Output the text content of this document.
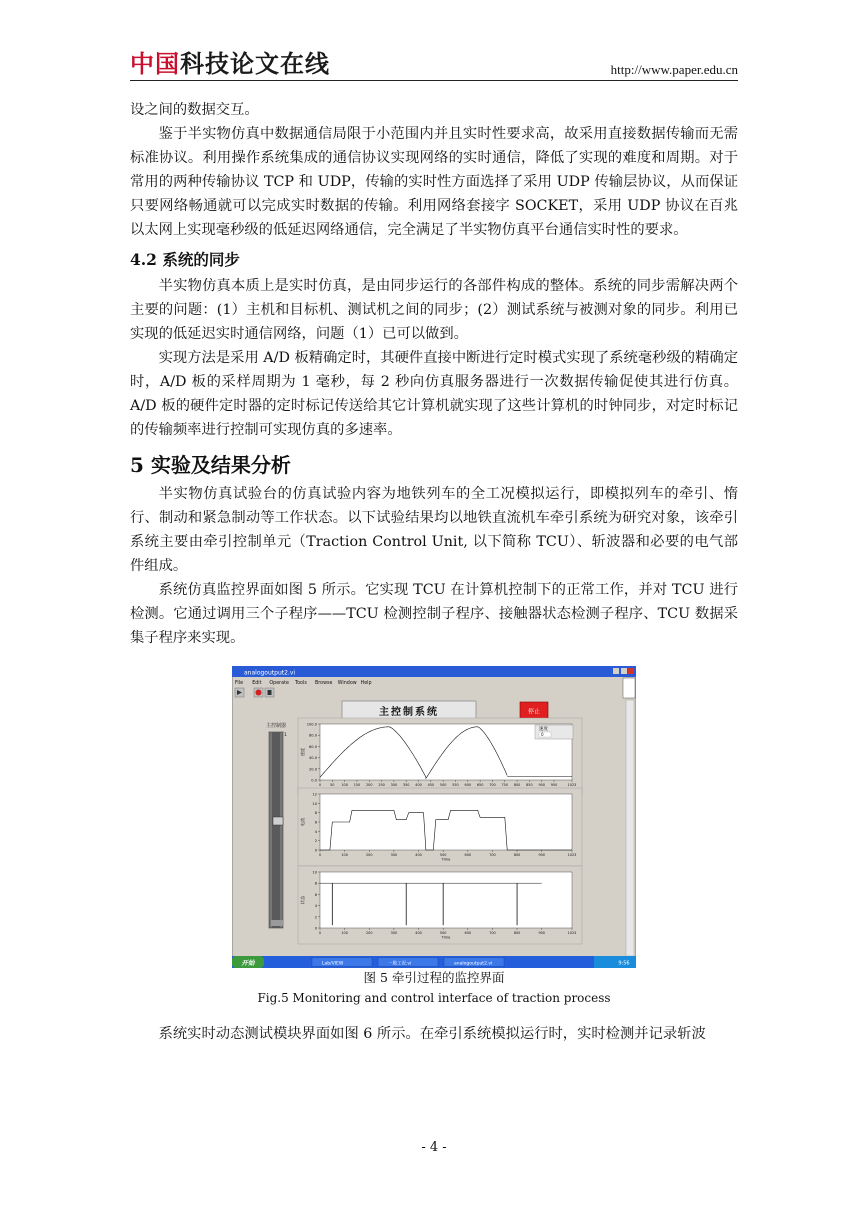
中国科技论文在线	http://www.paper.edu.cn

设之间的数据交互。

鉴于半实物仿真中数据通信局限于小范围内并且实时性要求高，故采用直接数据传输而无需标准协议。利用操作系统集成的通信协议实现网络的实时通信，降低了实现的难度和周期。对于常用的两种传输协议 TCP 和 UDP，传输的实时性方面选择了采用 UDP 传输层协议，从而保证只要网络畅通就可以完成实时数据的传输。利用网络套接字 SOCKET，采用 UDP 协议在百兆以太网上实现毫秒级的低延迟网络通信，完全满足了半实物仿真平台通信实时性的要求。

4.2 系统的同步

半实物仿真本质上是实时仿真，是由同步运行的各部件构成的整体。系统的同步需解决两个主要的问题：(1）主机和目标机、测试机之间的同步；(2）测试系统与被测对象的同步。利用已实现的低延迟实时通信网络，问题（1）已可以做到。

实现方法是采用 A/D 板精确定时，其硬件直接中断进行定时模式实现了系统毫秒级的精确定时，A/D 板的采样周期为 1 毫秒，每 2 秒向仿真服务器进行一次数据传输促使其进行仿真。A/D 板的硬件定时器的定时标记传送给其它计算机就实现了这些计算机的时钟同步，对定时标记的传输频率进行控制可实现仿真的多速率。

5 实验及结果分析

半实物仿真试验台的仿真试验内容为地铁列车的全工况模拟运行，即模拟列车的牵引、惰行、制动和紧急制动等工作状态。以下试验结果均以地铁直流机车牵引系统为研究对象，该牵引系统主要由牵引控制单元（Traction Control Unit, 以下简称 TCU）、斩波器和必要的电气部件组成。

系统仿真监控界面如图 5 所示。它实现 TCU 在计算机控制下的正常工作，并对 TCU 进行检测。它通过调用三个子程序——TCU 检测控制子程序、接触器状态检测子程序、TCU 数据采集子程序来实现。

analogoutput2.vi
File Edit Operate Tools Browse Window Help
主控制系统	停止
主控制器
1
0.0
20.0
40.0
60.0
80.0
100.0
0	50 100 150 200 250 300 350 400 450 500 550 600 650 700 750 800 850 900 950	1023
速度
0
2
4
6
8
10
12
0	100	200	300	400	500	600	700	800	900	1023
Time
电流
0
2
4
6
8
10
0	100	200	300	400	500	600	700	800	900	1023
Time
状态
速度
0
开始	Lab/VIEW	一般工况.vi	analogoutput2.vi	9:56
图 5 牵引过程的监控界面
Fig.5 Monitoring and control interface of traction process

系统实时动态测试模块界面如图 6 所示。在牵引系统模拟运行时，实时检测并记录斩波

- 4 -
